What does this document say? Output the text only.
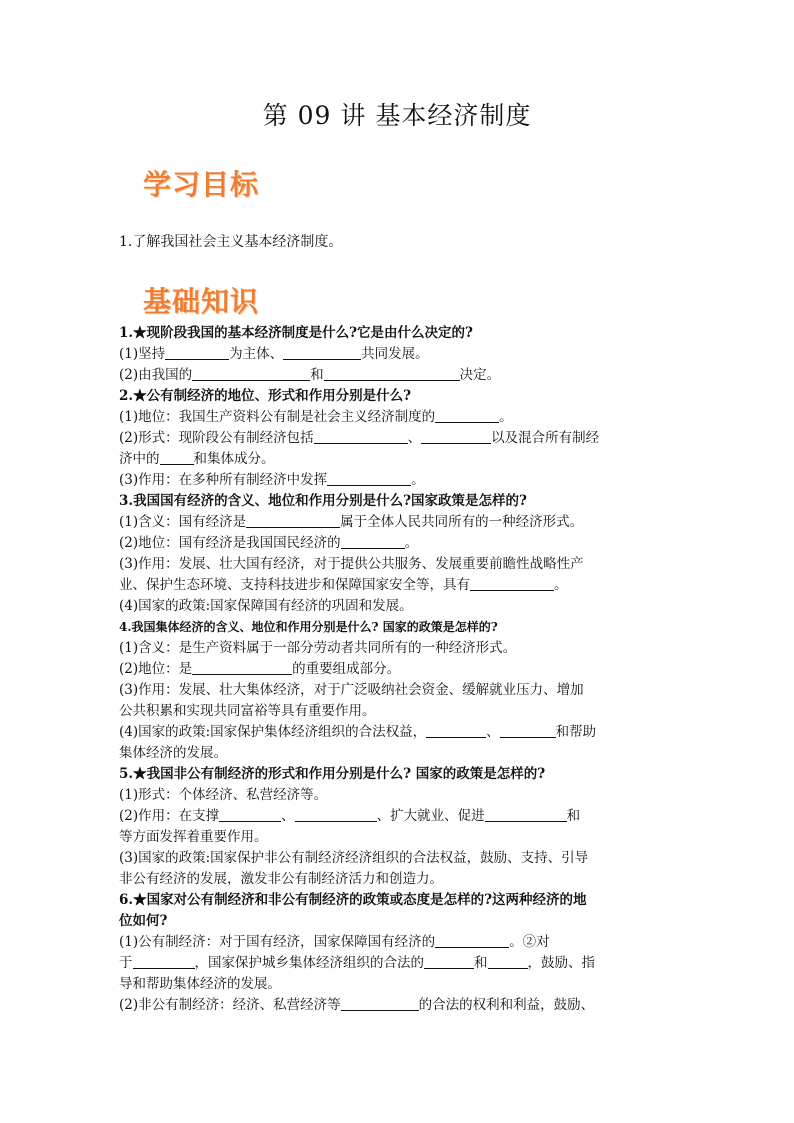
第 09 讲 基本经济制度
学习目标
1.了解我国社会主义基本经济制度。
基础知识
1.★现阶段我国的基本经济制度是什么?它是由什么决定的?
(1)坚持	为主体、	共同发展。
(2)由我国的	和	决定。
2.★公有制经济的地位、形式和作用分别是什么?
(1)地位：我国生产资料公有制是社会主义经济制度的	。
(2)形式：现阶段公有制经济包括	、	以及混合所有制经
济中的	和集体成分。
(3)作用：在多种所有制经济中发挥	。
3.我国国有经济的含义、地位和作用分别是什么?国家政策是怎样的?
(1)含义：国有经济是	属于全体人民共同所有的一种经济形式。
(2)地位：国有经济是我国国民经济的	。
(3)作用：发展、壮大国有经济，对于提供公共服务、发展重要前瞻性战略性产
业、保护生态环境、支持科技进步和保障国家安全等，具有	。
(4)国家的政策:国家保障国有经济的巩固和发展。
4.我国集体经济的含义、地位和作用分别是什么? 国家的政策是怎样的?
(1)含义：是生产资料属于一部分劳动者共同所有的一种经济形式。
(2)地位：是	的重要组成部分。
(3)作用：发展、壮大集体经济，对于广泛吸纳社会资金、缓解就业压力、增加
公共积累和实现共同富裕等具有重要作用。
(4)国家的政策:国家保护集体经济组织的合法权益，	、	和帮助
集体经济的发展。
5.★我国非公有制经济的形式和作用分别是什么? 国家的政策是怎样的?
(1)形式：个体经济、私营经济等。
(2)作用：在支撑	、	、扩大就业、促进	和
等方面发挥着重要作用。
(3)国家的政策:国家保护非公有制经济经济组织的合法权益，鼓励、支持、引导
非公有经济的发展，激发非公有制经济活力和创造力。
6.★国家对公有制经济和非公有制经济的政策或态度是怎样的?这两种经济的地
位如何?
(1)公有制经济：对于国有经济，国家保障国有经济的	。②对
于	，国家保护城乡集体经济组织的合法的	和	，鼓励、指
导和帮助集体经济的发展。
(2)非公有制经济：经济、私营经济等	的合法的权利和利益，鼓励、
